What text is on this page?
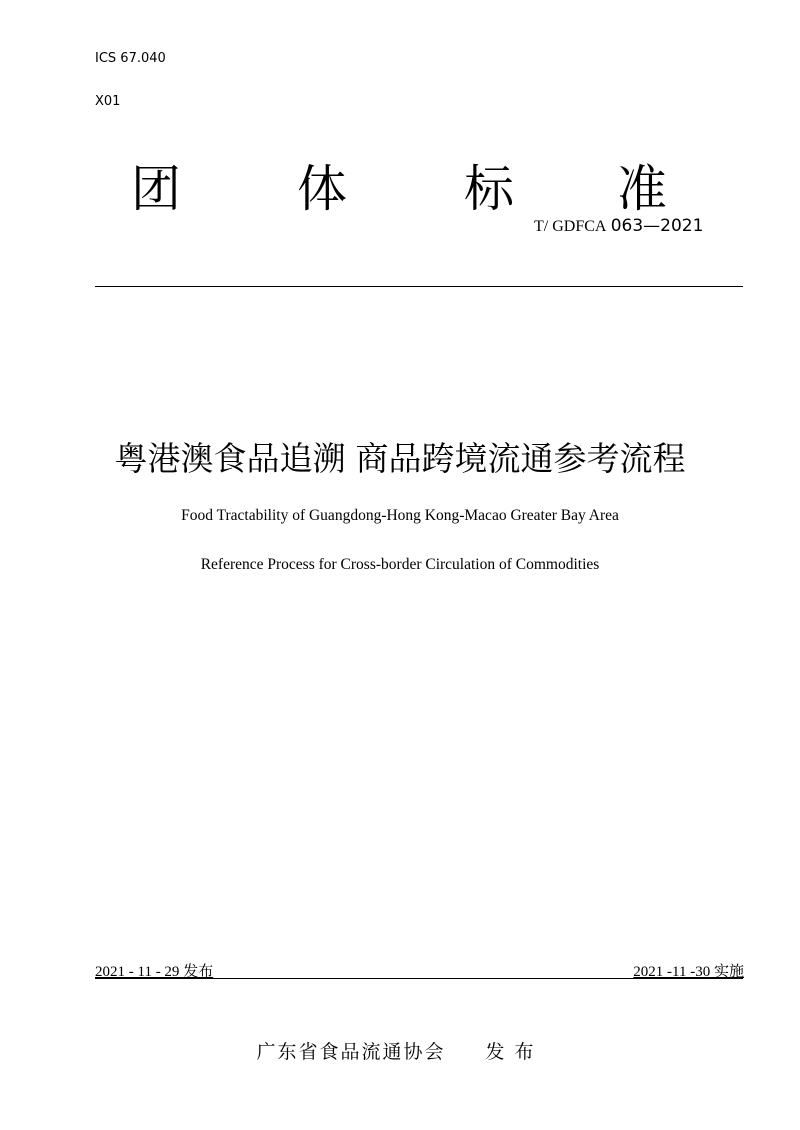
ICS 67.040
X01
团 体 标 准
T/ GDFCA 063—2021
粤港澳食品追溯 商品跨境流通参考流程
Food Tractability of Guangdong-Hong Kong-Macao Greater Bay Area
Reference Process for Cross-border Circulation of Commodities
2021 - 11 - 29 发布	2021 -11 -30 实施
广东省食品流通协会 发布
